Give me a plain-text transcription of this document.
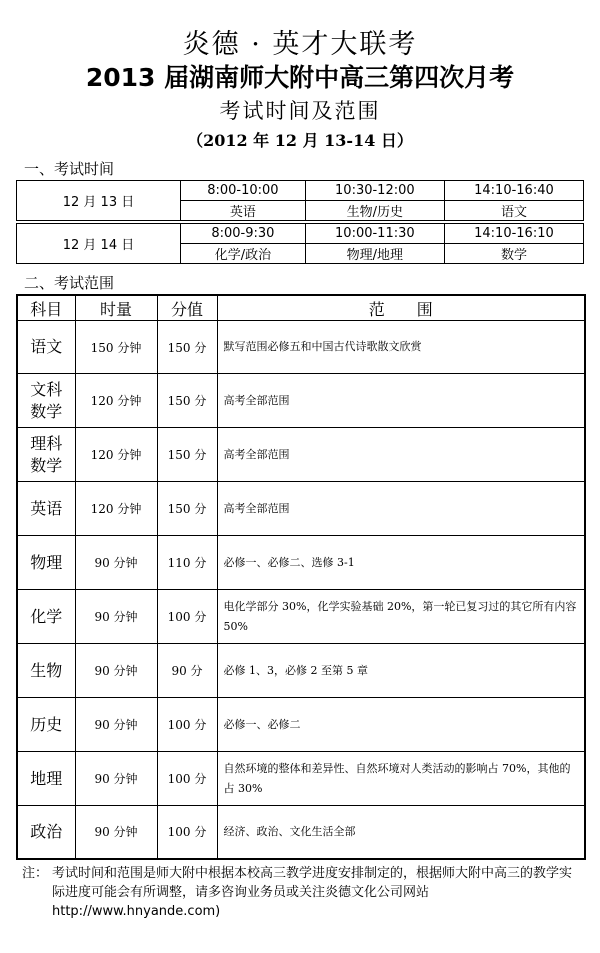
炎德 · 英才大联考
2013 届湖南师大附中高三第四次月考
考试时间及范围
（2012 年 12 月 13-14 日）
一、考试时间
12 月 13 日	8:00-10:00	10:30-12:00	14:10-16:40
	英语	生物/历史	语文

12 月 14 日	8:00-9:30	10:00-11:30	14:10-16:10
	化学/政治	物理/地理	数学
二、考试范围
科目	时量	分值	范　　围
语文	150 分钟	150 分	默写范围必修五和中国古代诗歌散文欣赏
文科数学	120 分钟	150 分	高考全部范围
理科数学	120 分钟	150 分	高考全部范围
英语	120 分钟	150 分	高考全部范围
物理	90 分钟	110 分	必修一、必修二、选修 3-1
化学	90 分钟	100 分	电化学部分 30%，化学实验基础 20%，第一轮已复习过的其它所有内容 50%
生物	90 分钟	90 分	必修 1、3，必修 2 至第 5 章
历史	90 分钟	100 分	必修一、必修二
地理	90 分钟	100 分	自然环境的整体和差异性、自然环境对人类活动的影响占 70%，其他的占 30%
政治	90 分钟	100 分	经济、政治、文化生活全部
注： 考试时间和范围是师大附中根据本校高三教学进度安排制定的，根据师大附中高三的教学实际进度可能会有所调整，请多咨询业务员或关注炎德文化公司网站 http://www.hnyande.com)
